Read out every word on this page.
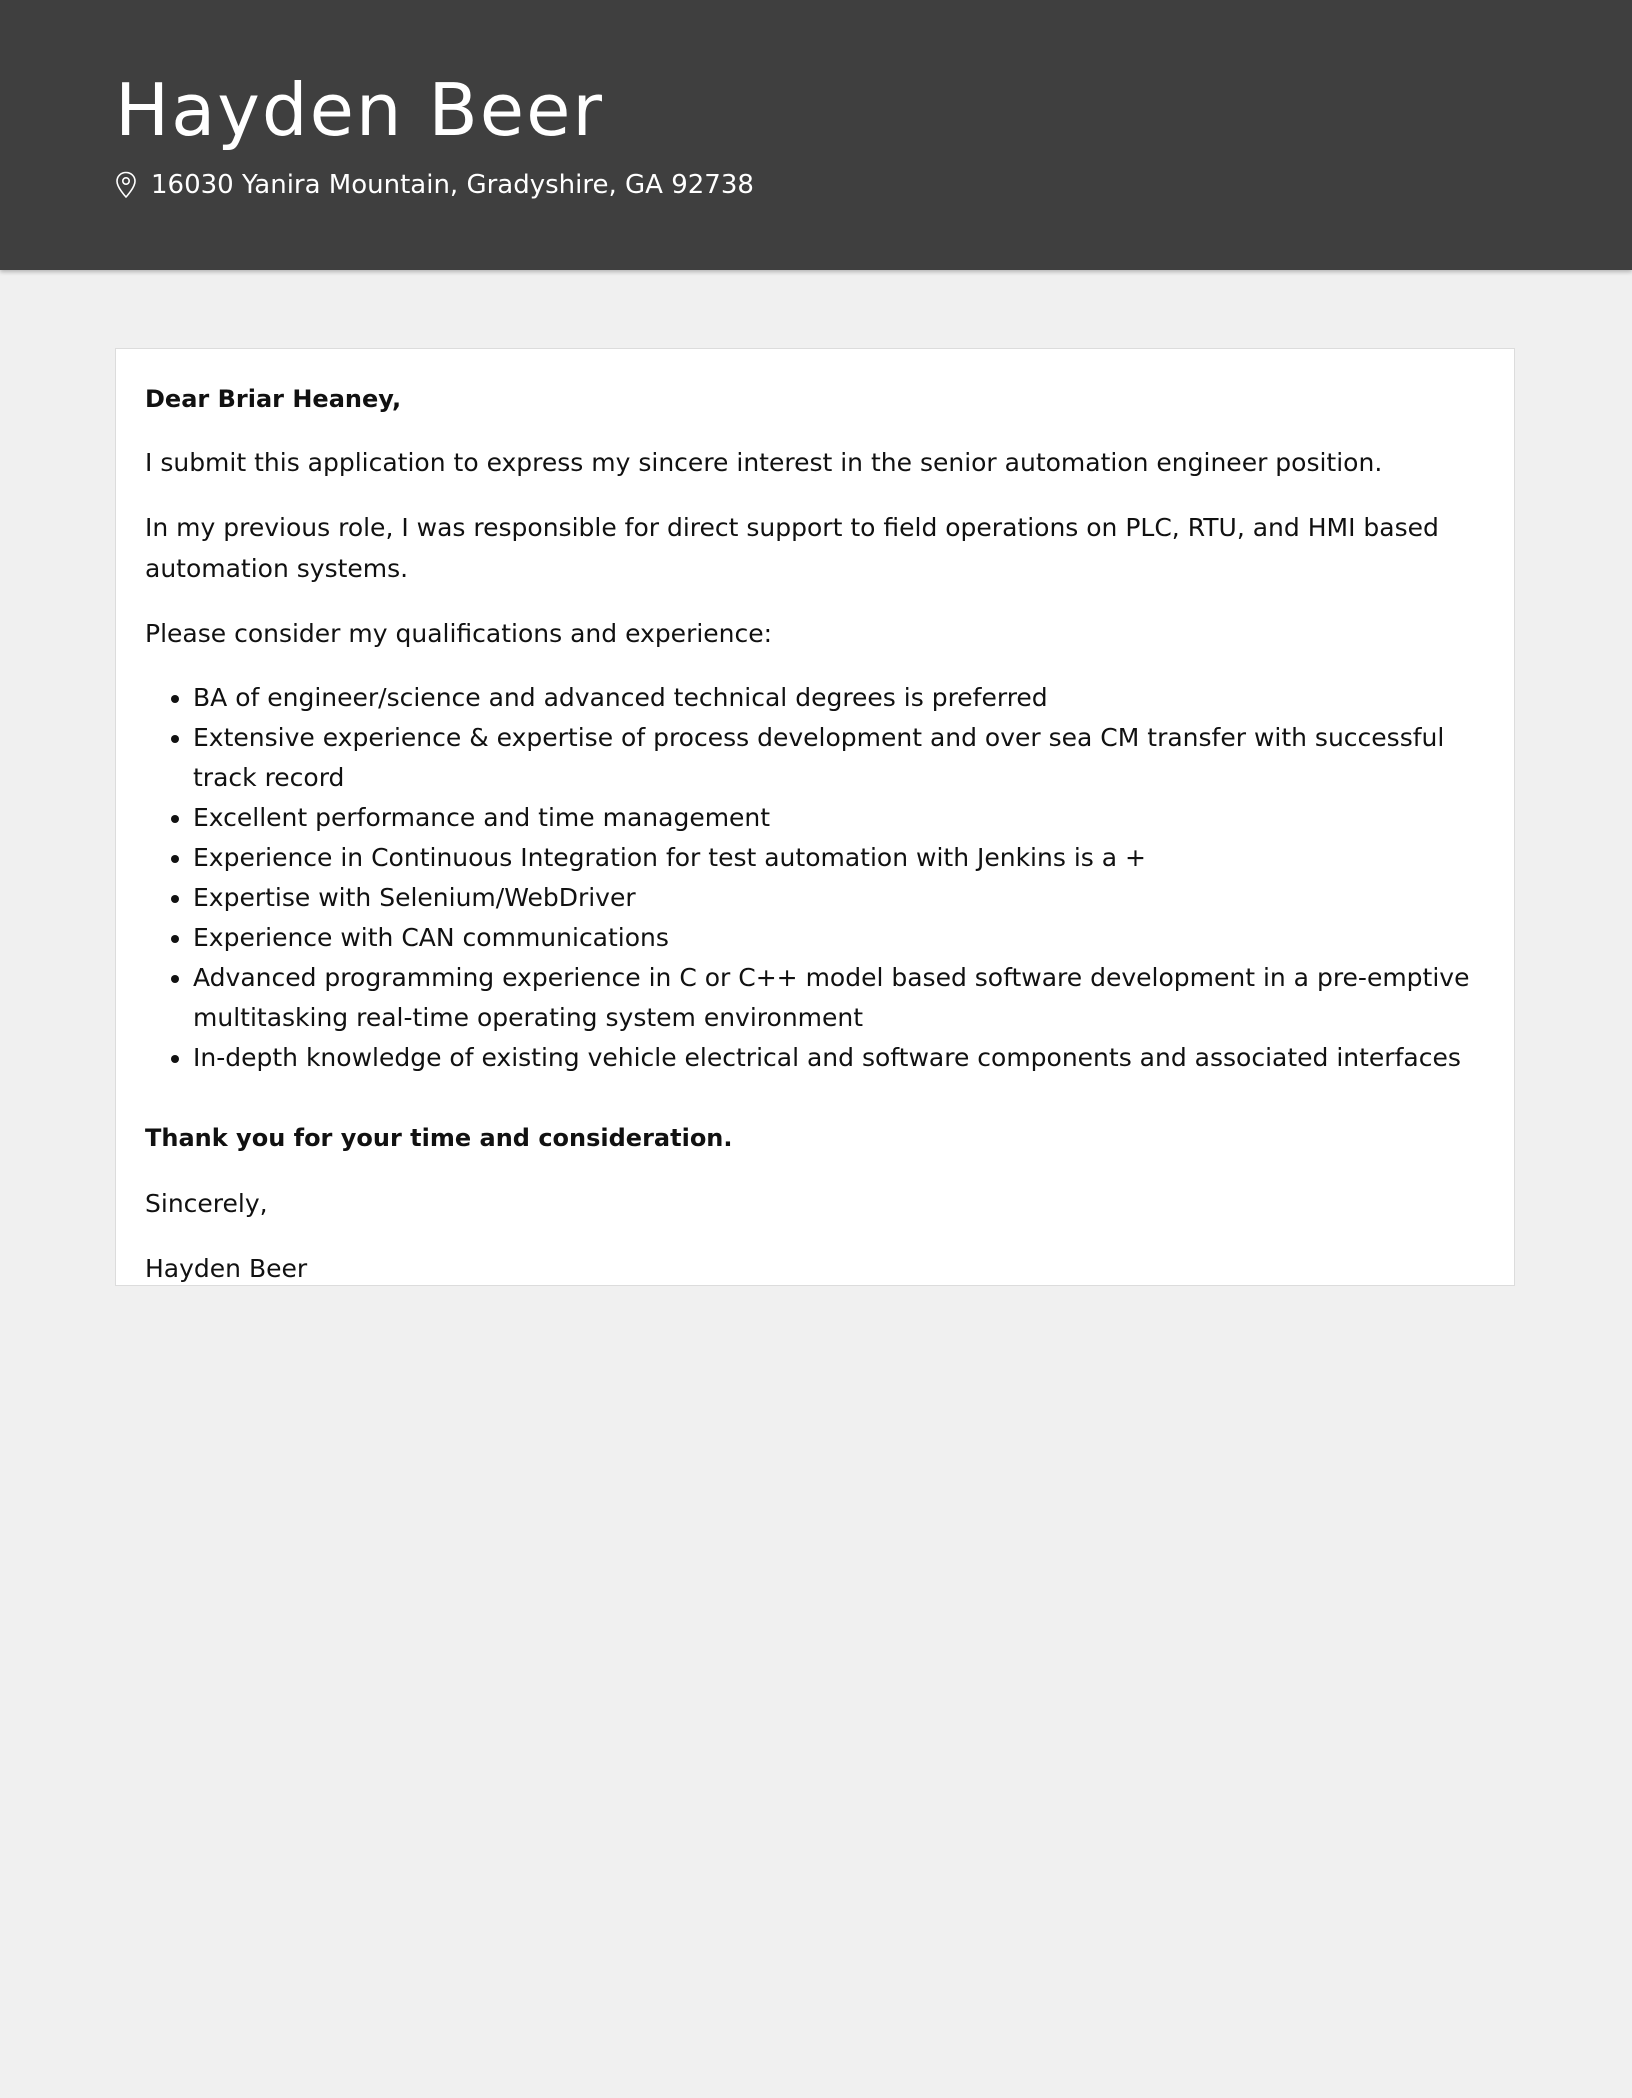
Hayden Beer
16030 Yanira Mountain, Gradyshire, GA 92738

Dear Briar Heaney,

I submit this application to express my sincere interest in the senior automation engineer position.

In my previous role, I was responsible for direct support to field operations on PLC, RTU, and HMI based automation systems.

Please consider my qualifications and experience:

• BA of engineer/science and advanced technical degrees is preferred
• Extensive experience & expertise of process development and over sea CM transfer with successful track record
• Excellent performance and time management
• Experience in Continuous Integration for test automation with Jenkins is a +
• Expertise with Selenium/WebDriver
• Experience with CAN communications
• Advanced programming experience in C or C++ model based software development in a pre-emptive multitasking real-time operating system environment
• In-depth knowledge of existing vehicle electrical and software components and associated interfaces

Thank you for your time and consideration.

Sincerely,

Hayden Beer
